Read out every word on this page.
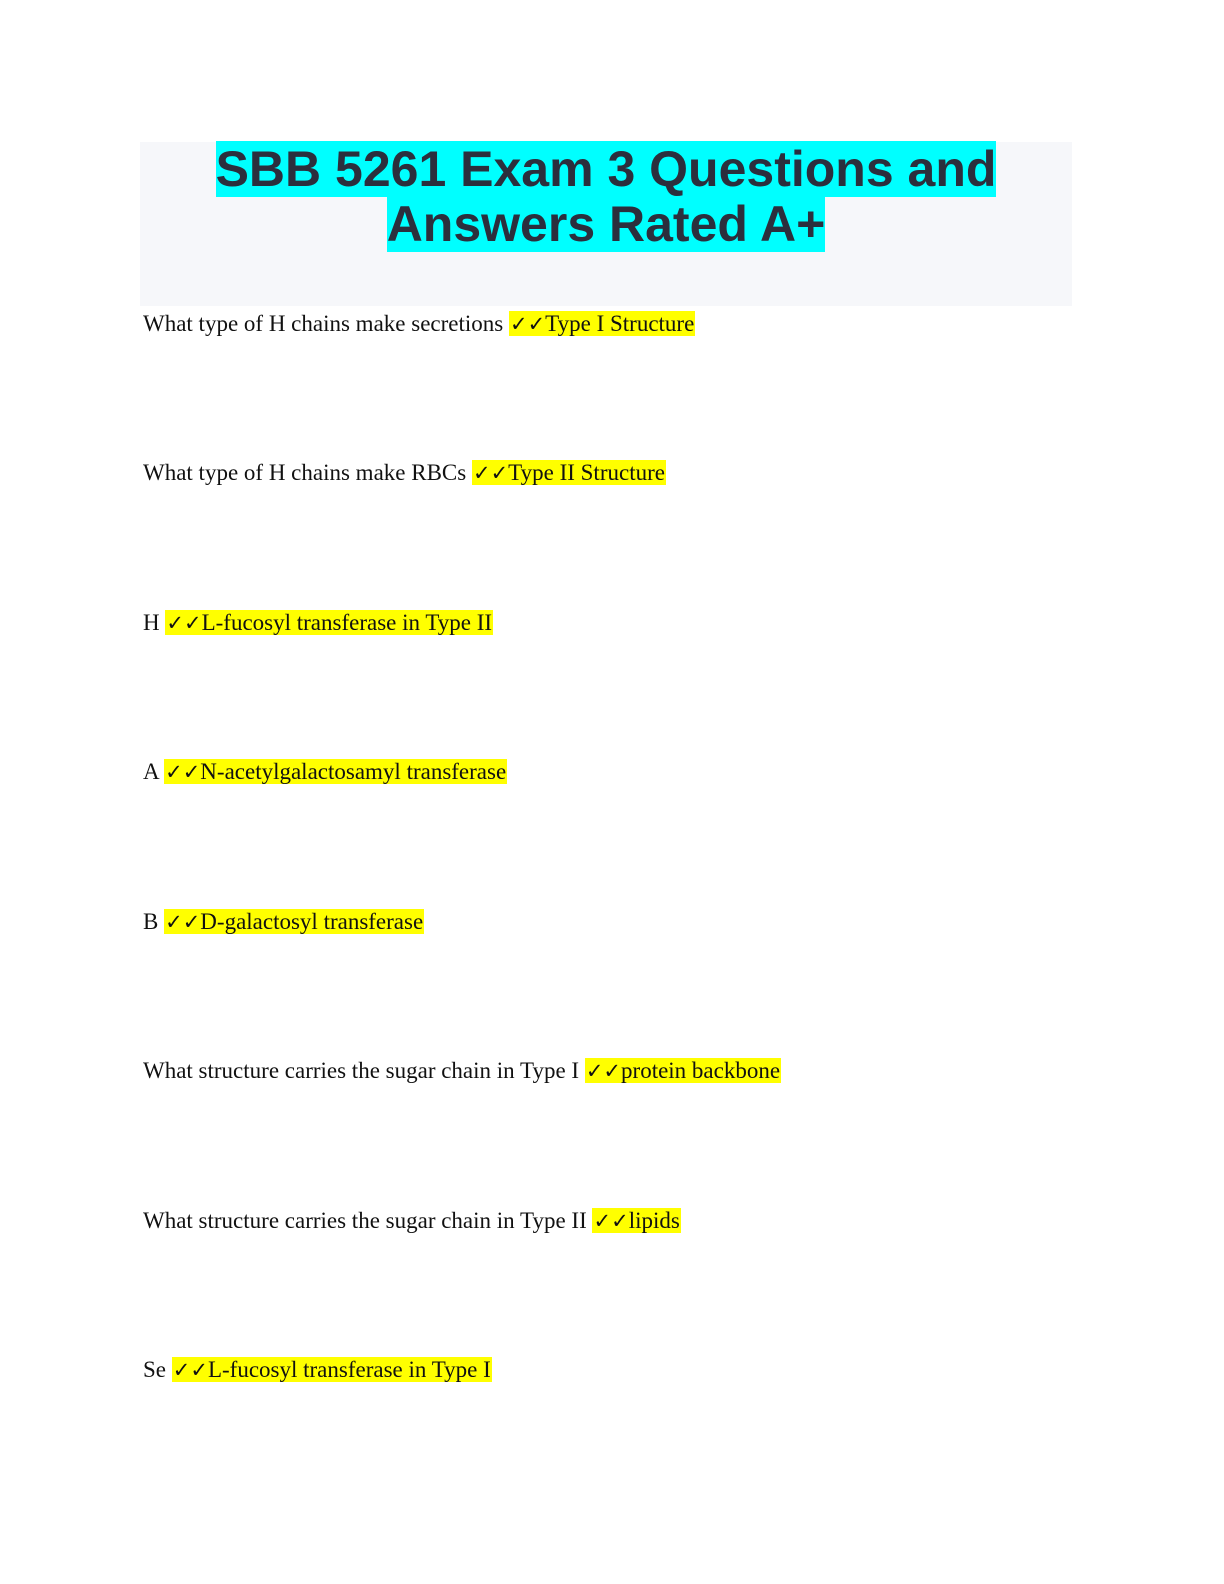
SBB 5261 Exam 3 Questions and Answers Rated A+

What type of H chains make secretions ✓✓Type I Structure

What type of H chains make RBCs ✓✓Type II Structure

H ✓✓L-fucosyl transferase in Type II

A ✓✓N-acetylgalactosamyl transferase

B ✓✓D-galactosyl transferase

What structure carries the sugar chain in Type I ✓✓protein backbone

What structure carries the sugar chain in Type II ✓✓lipids

Se ✓✓L-fucosyl transferase in Type I
